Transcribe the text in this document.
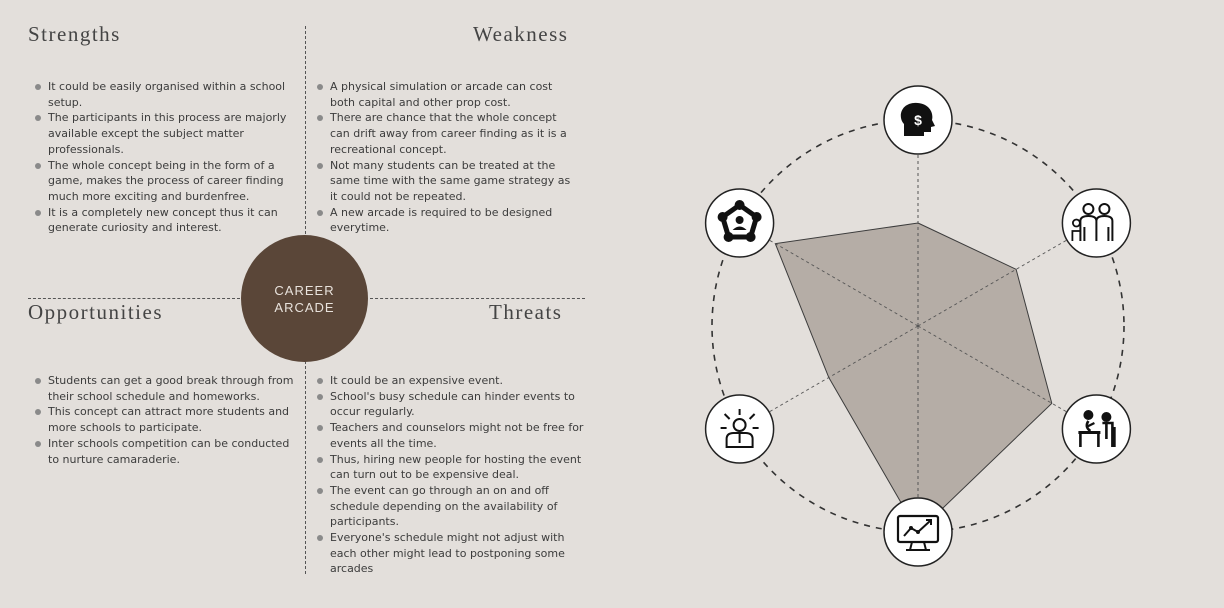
Strengths
It could be easily organised within a school setup.
The participants in this process are majorly available except the subject matter professionals.
The whole concept being in the form of a game, makes the process of career finding much more exciting and burdenfree.
It is a completely new concept thus it can generate curiosity and interest.
Weakness
A physical simulation or arcade can cost both capital and other prop cost.
There are chance that the whole concept can drift away from career finding as it is a recreational concept.
Not many students can be treated at the same time with the same game strategy as it could not be repeated.
A new arcade is required to be designed everytime.
Opportunities
Students can get a good break through from their school schedule and homeworks.
This concept can attract more students and more schools to participate.
Inter schools competition can be conducted to nurture camaraderie.
Threats
It could be an expensive event.
School's busy schedule can hinder events to occur regularly.
Teachers and counselors might not be free for events all the time.
Thus, hiring new people for hosting the event can turn out to be expensive deal.
The event can go through an on and off schedule depending on the availability of participants.
Everyone's schedule might not adjust with each other might lead to postponing some arcades
CAREER
ARCADE
$
